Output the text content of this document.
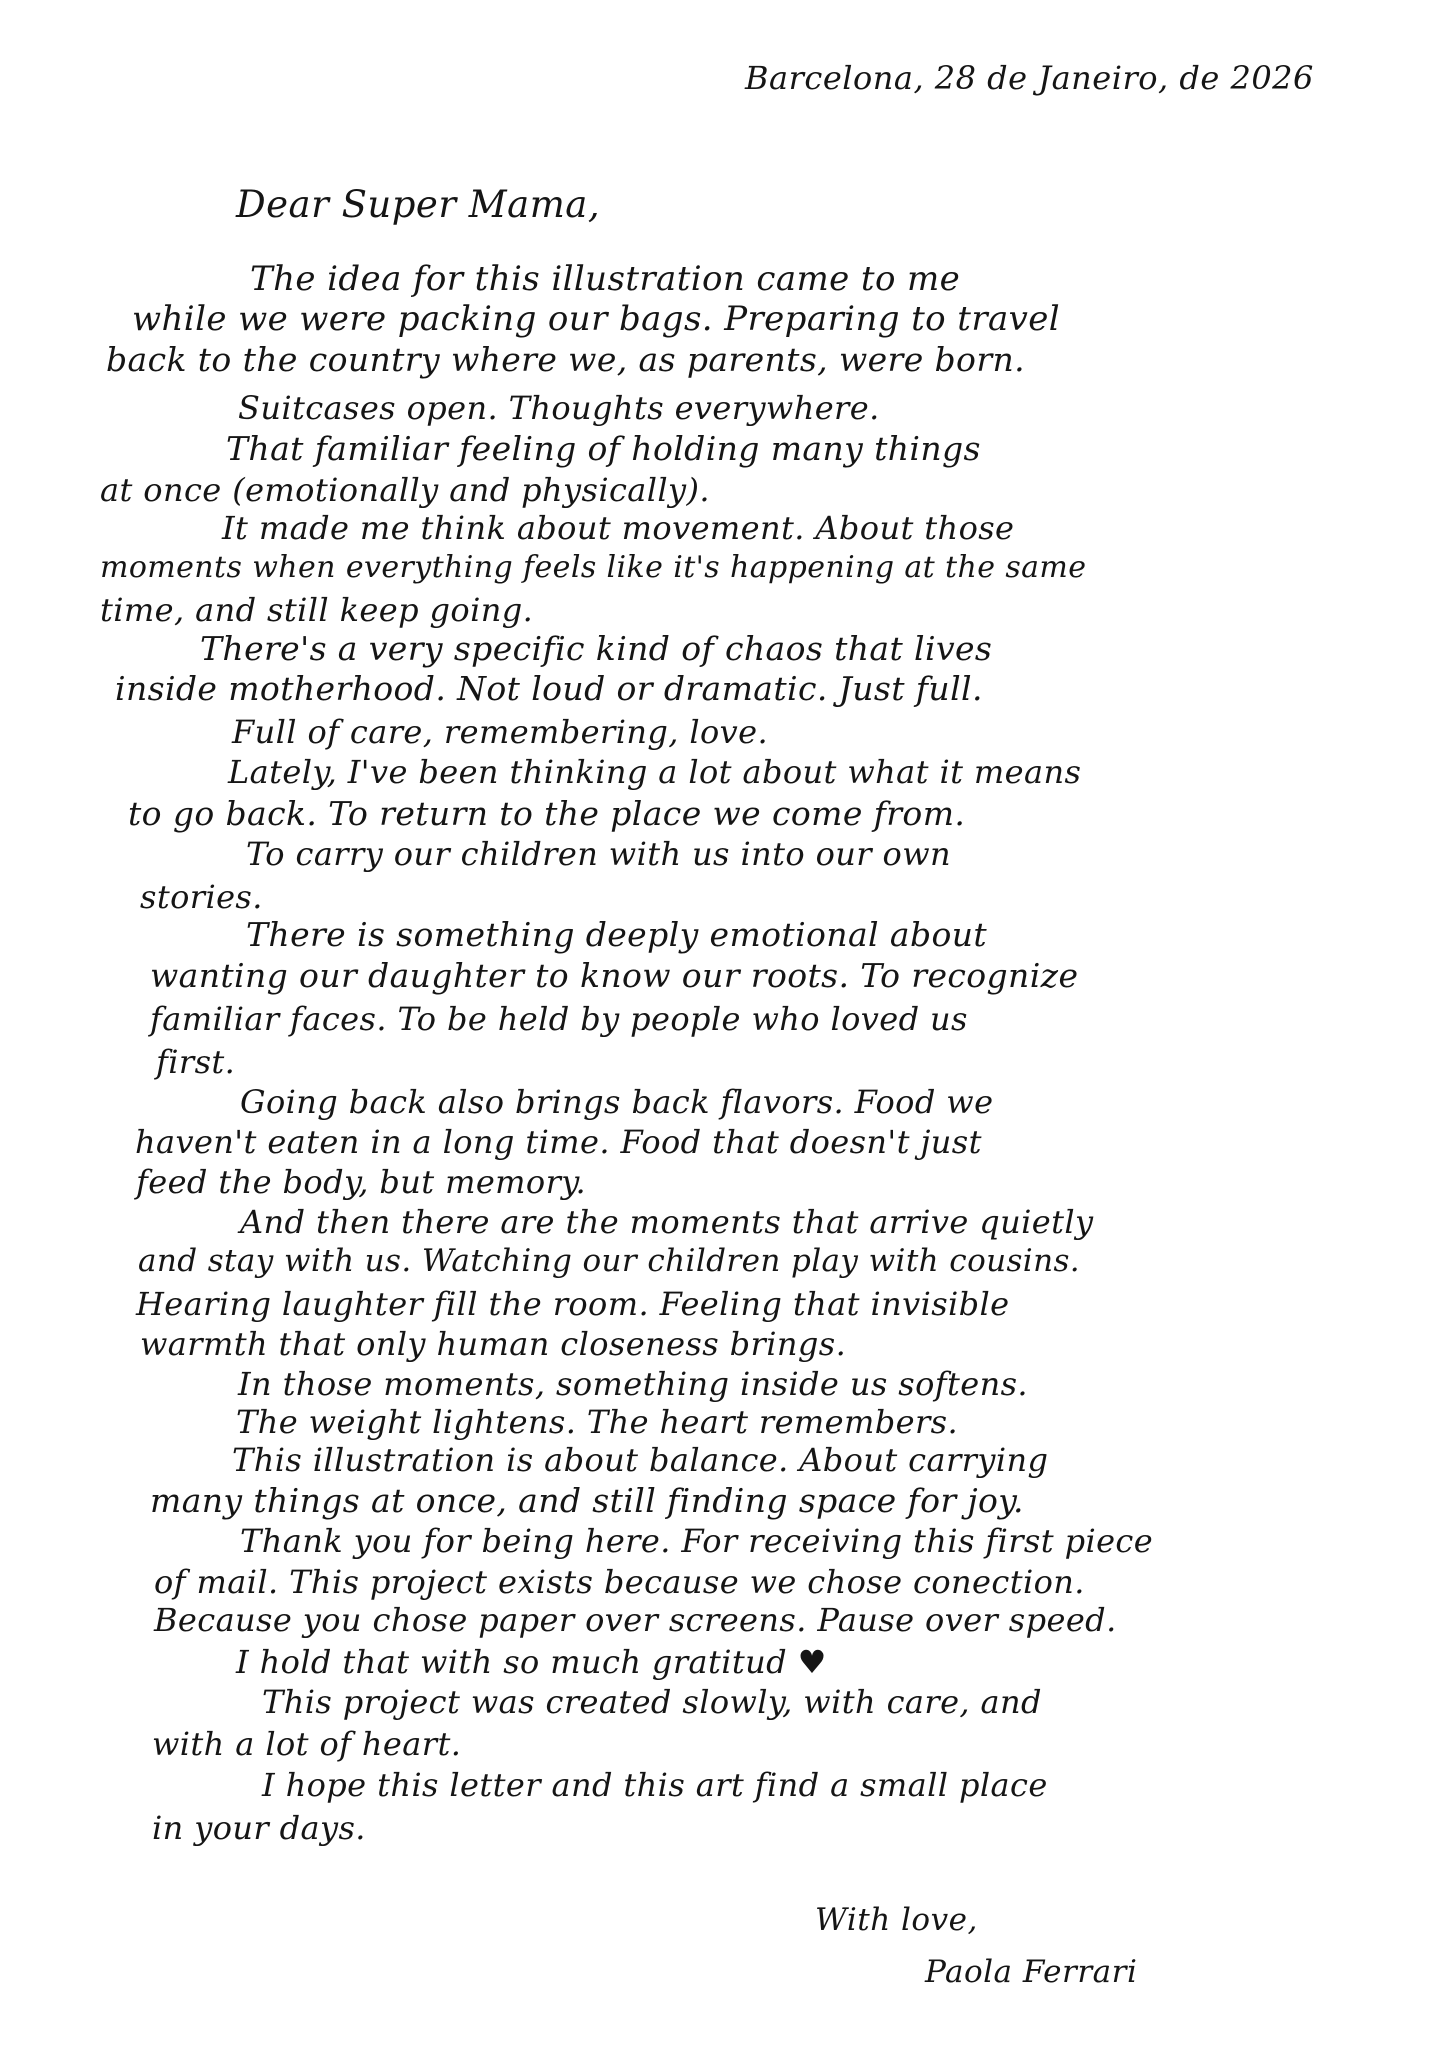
Barcelona, 28 de Janeiro, de 2026
Dear Super Mama,
The idea for this illustration came to me
while we were packing our bags. Preparing to travel
back to the country where we, as parents, were born.
Suitcases open. Thoughts everywhere.
That familiar feeling of holding many things
at once (emotionally and physically).
It made me think about movement. About those
moments when everything feels like it's happening at the same
time, and still keep going.
There's a very specific kind of chaos that lives
inside motherhood. Not loud or dramatic. Just full.
Full of care, remembering, love.
Lately, I've been thinking a lot about what it means
to go back. To return to the place we come from.
To carry our children with us into our own
stories.
There is something deeply emotional about
wanting our daughter to know our roots. To recognize
familiar faces. To be held by people who loved us
first.
Going back also brings back flavors. Food we
haven't eaten in a long time. Food that doesn't just
feed the body, but memory.
And then there are the moments that arrive quietly
and stay with us. Watching our children play with cousins.
Hearing laughter fill the room. Feeling that invisible
warmth that only human closeness brings.
In those moments, something inside us softens.
The weight lightens. The heart remembers.
This illustration is about balance. About carrying
many things at once, and still finding space for joy.
Thank you for being here. For receiving this first piece
of mail. This project exists because we chose conection.
Because you chose paper over screens. Pause over speed.
I hold that with so much gratitud ♥
This project was created slowly, with care, and
with a lot of heart.
I hope this letter and this art find a small place
in your days.
With love,
Paola Ferrari
